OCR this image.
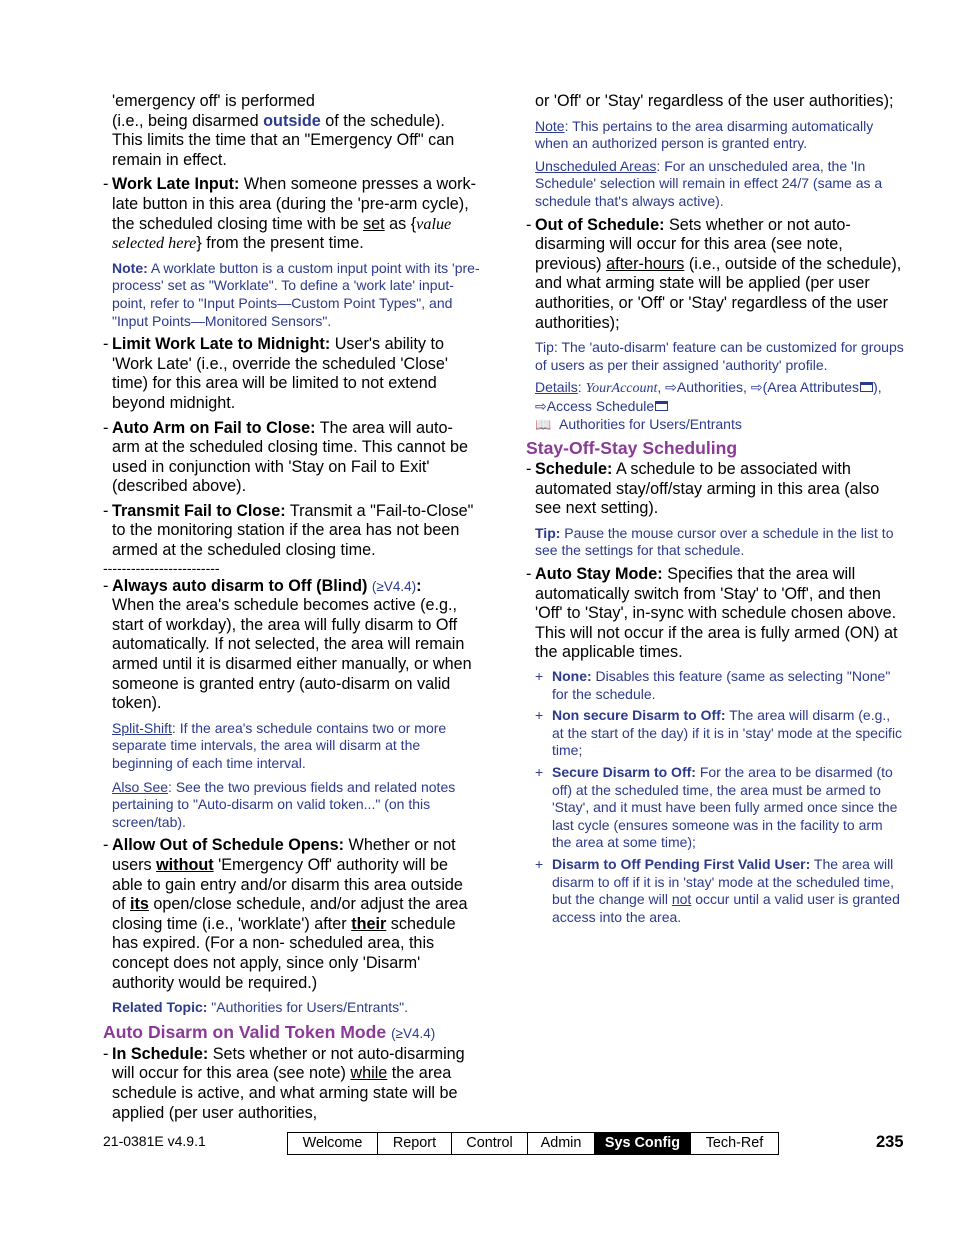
'emergency off' is performed
(i.e., being disarmed outside of the schedule).
This limits the time that an "Emergency Off" can remain in effect.
- Work Late Input: When someone presses a work-late button in this area (during the 'pre-arm cycle), the scheduled closing time with be set as {value selected here} from the present time.
Note: A worklate button is a custom input point with its 'pre-process' set as "Worklate". To define a 'work late' input-point, refer to "Input Points—Custom Point Types", and "Input Points—Monitored Sensors".
- Limit Work Late to Midnight: User's ability to 'Work Late' (i.e., override the scheduled 'Close' time) for this area will be limited to not extend beyond midnight.
- Auto Arm on Fail to Close: The area will auto-arm at the scheduled closing time. This cannot be used in conjunction with 'Stay on Fail to Exit' (described above).
- Transmit Fail to Close: Transmit a "Fail-to-Close" to the monitoring station if the area has not been armed at the scheduled closing time.
-------------------------
- Always auto disarm to Off (Blind) (≥V4.4):
When the area's schedule becomes active (e.g., start of workday), the area will fully disarm to Off automatically. If not selected, the area will remain armed until it is disarmed either manually, or when someone is granted entry (auto-disarm on valid token).
Split-Shift: If the area's schedule contains two or more separate time intervals, the area will disarm at the beginning of each time interval.
Also See: See the two previous fields and related notes pertaining to "Auto-disarm on valid token..." (on this screen/tab).
- Allow Out of Schedule Opens: Whether or not users without 'Emergency Off' authority will be able to gain entry and/or disarm this area outside of its open/close schedule, and/or adjust the area closing time (i.e., 'worklate') after their schedule has expired. (For a non- scheduled area, this concept does not apply, since only 'Disarm' authority would be required.)
Related Topic: "Authorities for Users/Entrants".
Auto Disarm on Valid Token Mode (≥V4.4)
- In Schedule: Sets whether or not auto-disarming will occur for this area (see note) while the area schedule is active, and what arming state will be applied (per user authorities,
or 'Off' or 'Stay' regardless of the user authorities);
Note: This pertains to the area disarming automatically when an authorized person is granted entry.
Unscheduled Areas: For an unscheduled area, the 'In Schedule' selection will remain in effect 24/7 (same as a schedule that's always active).
- Out of Schedule: Sets whether or not auto-disarming will occur for this area (see note, previous) after-hours (i.e., outside of the schedule), and what arming state will be applied (per user authorities, or 'Off' or 'Stay' regardless of the user authorities);
Tip: The 'auto-disarm' feature can be customized for groups of users as per their assigned 'authority' profile.
Details: YourAccount, ⇨Authorities, ⇨(Area Attributes ), ⇨Access Schedule
📖 Authorities for Users/Entrants
Stay-Off-Stay Scheduling
- Schedule: A schedule to be associated with automated stay/off/stay arming in this area (also see next setting).
Tip: Pause the mouse cursor over a schedule in the list to see the settings for that schedule.
- Auto Stay Mode: Specifies that the area will automatically switch from 'Stay' to 'Off', and then 'Off' to 'Stay', in-sync with schedule chosen above. This will not occur if the area is fully armed (ON) at the applicable times.
+ None: Disables this feature (same as selecting "None" for the schedule.
+ Non secure Disarm to Off: The area will disarm (e.g., at the start of the day) if it is in 'stay' mode at the specific time;
+ Secure Disarm to Off: For the area to be disarmed (to off) at the scheduled time, the area must be armed to 'Stay', and it must have been fully armed once since the last cycle (ensures someone was in the facility to arm the area at some time);
+ Disarm to Off Pending First Valid User: The area will disarm to off if it is in 'stay' mode at the scheduled time, but the change will not occur until a valid user is granted access into the area.
21-0381E v4.9.1	Welcome	Report	Control	Admin	Sys Config	Tech-Ref	235
